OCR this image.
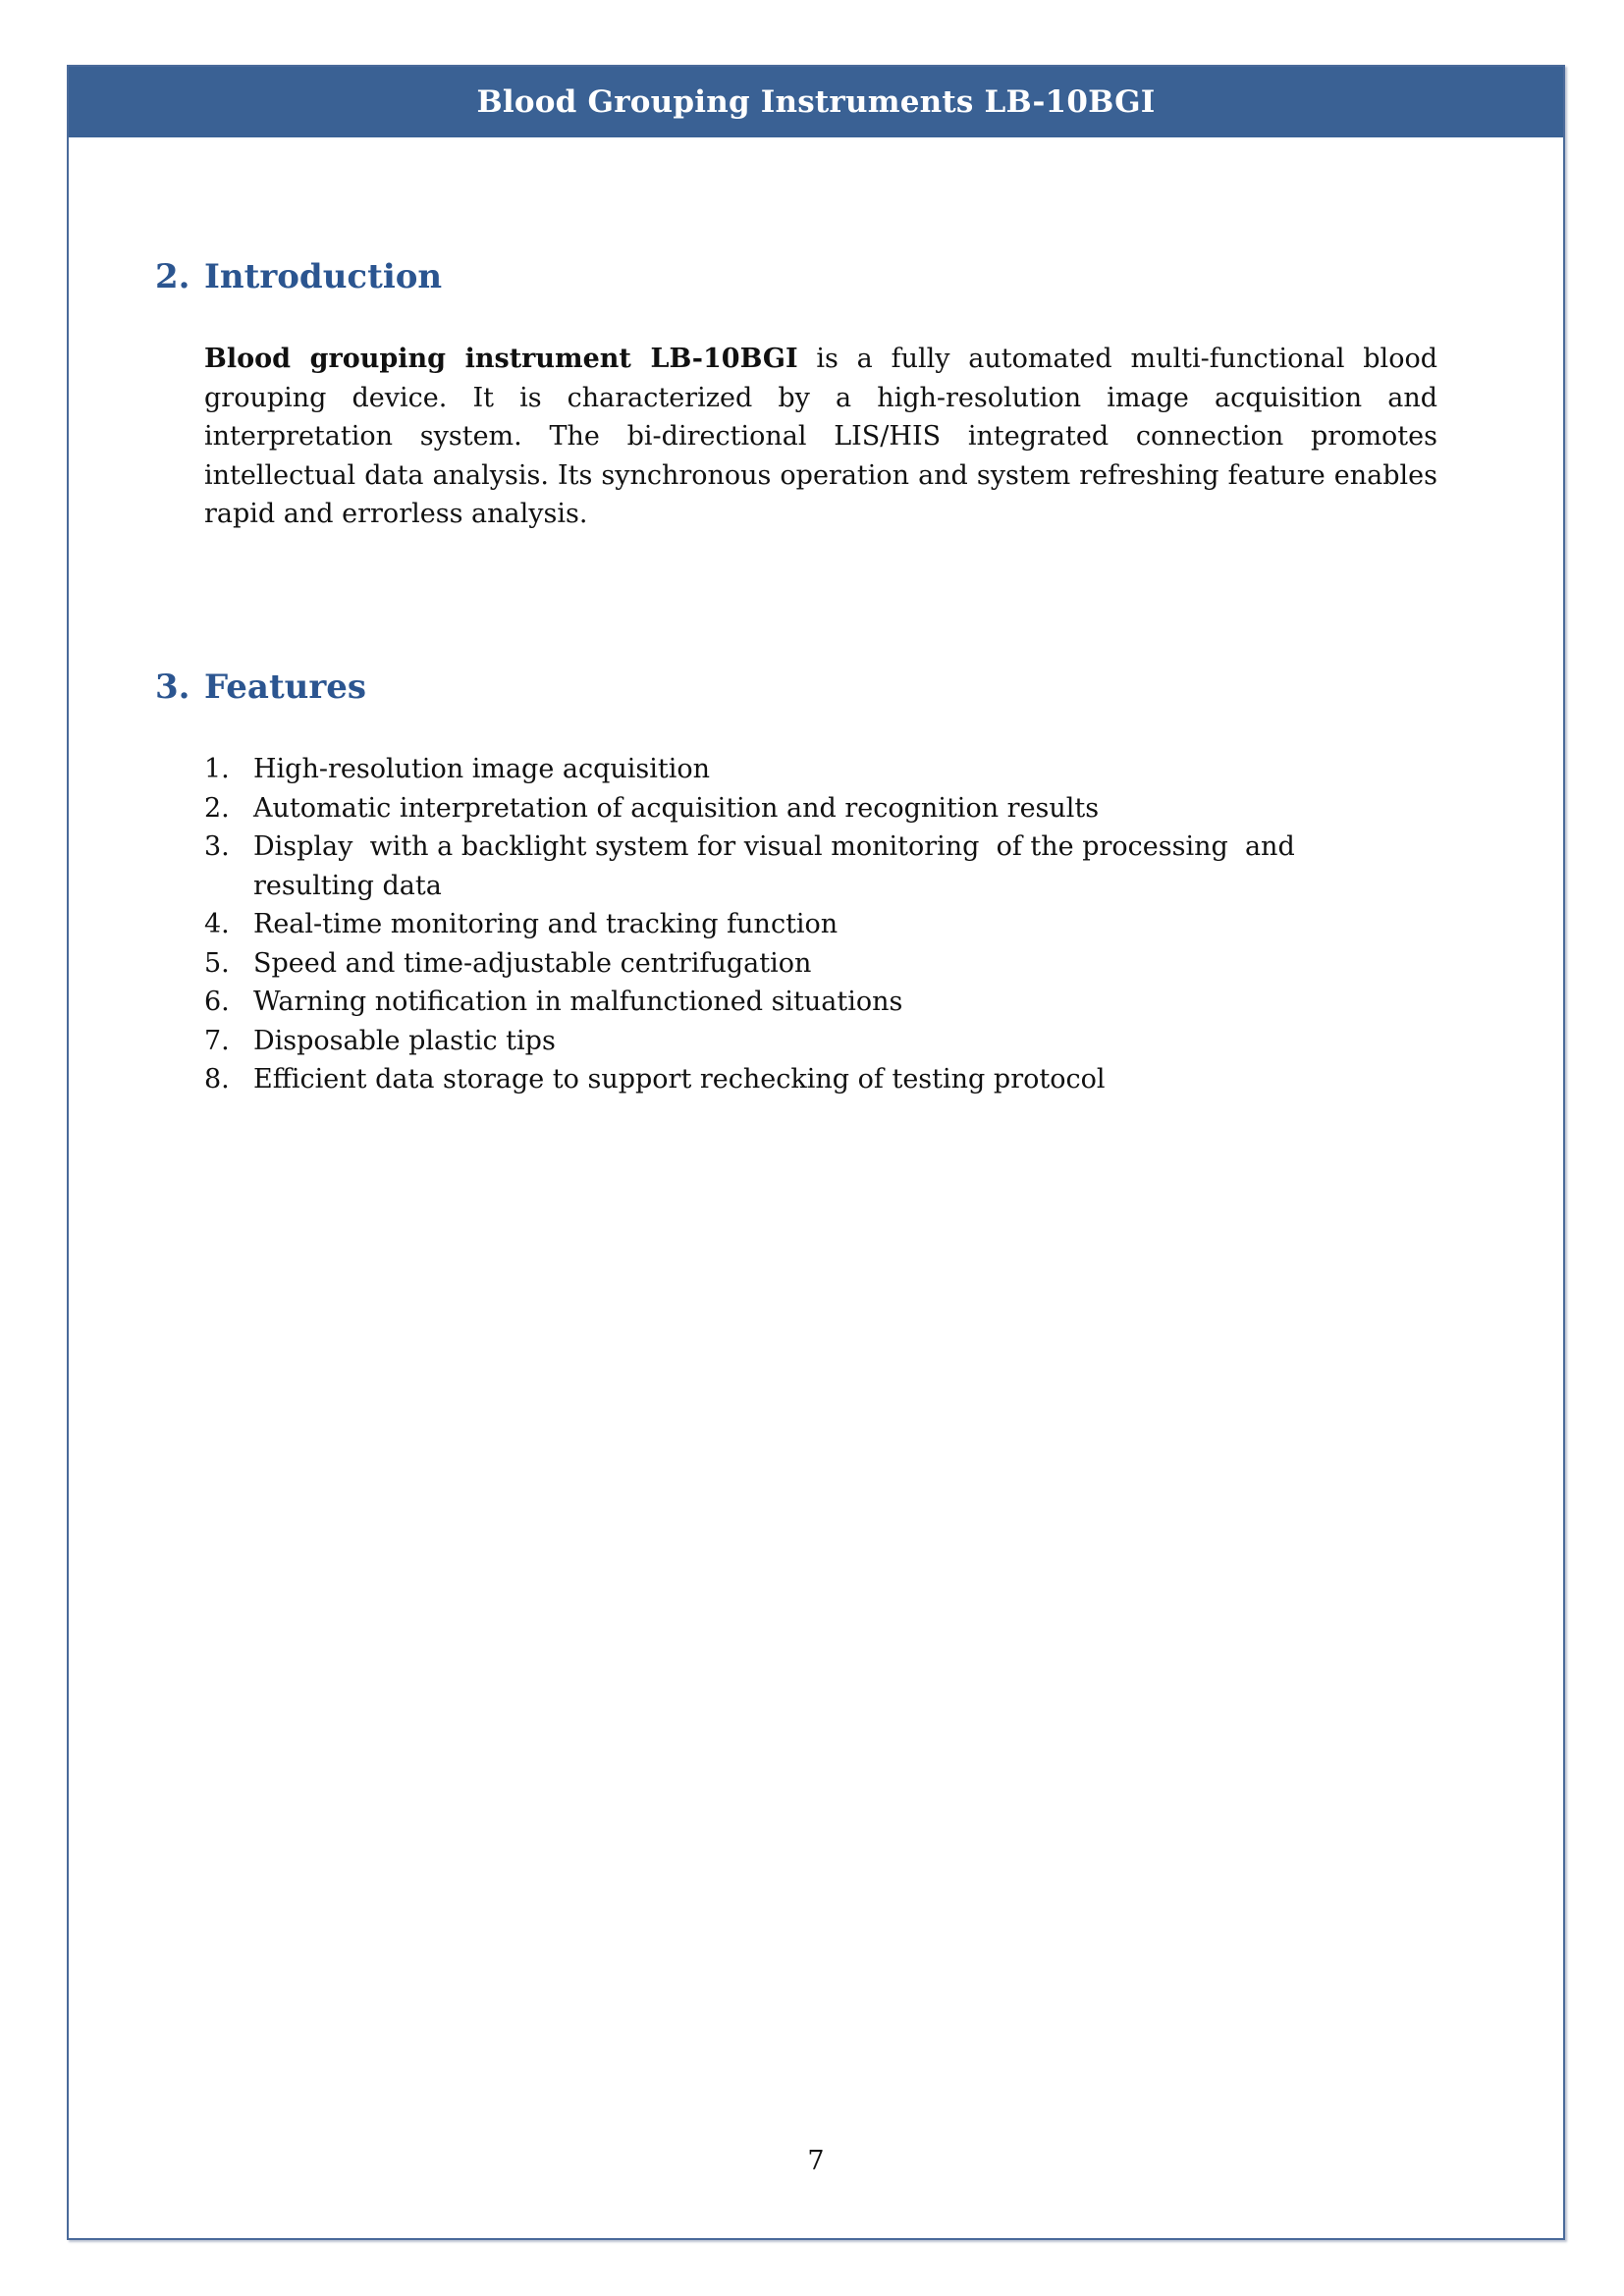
Blood Grouping Instruments LB-10BGI
2. Introduction

Blood grouping instrument LB-10BGI is a fully automated multi-functional blood grouping device. It is characterized by a high-resolution image acquisition and interpretation system. The bi-directional LIS/HIS integrated connection promotes intellectual data analysis. Its synchronous operation and system refreshing feature enables rapid and errorless analysis.

3. Features
1. High-resolution image acquisition
2. Automatic interpretation of acquisition and recognition results
3. Display  with a backlight system for visual monitoring  of the processing  and resulting data
4. Real-time monitoring and tracking function
5. Speed and time-adjustable centrifugation
6. Warning notification in malfunctioned situations
7. Disposable plastic tips
8. Efficient data storage to support rechecking of testing protocol
7
